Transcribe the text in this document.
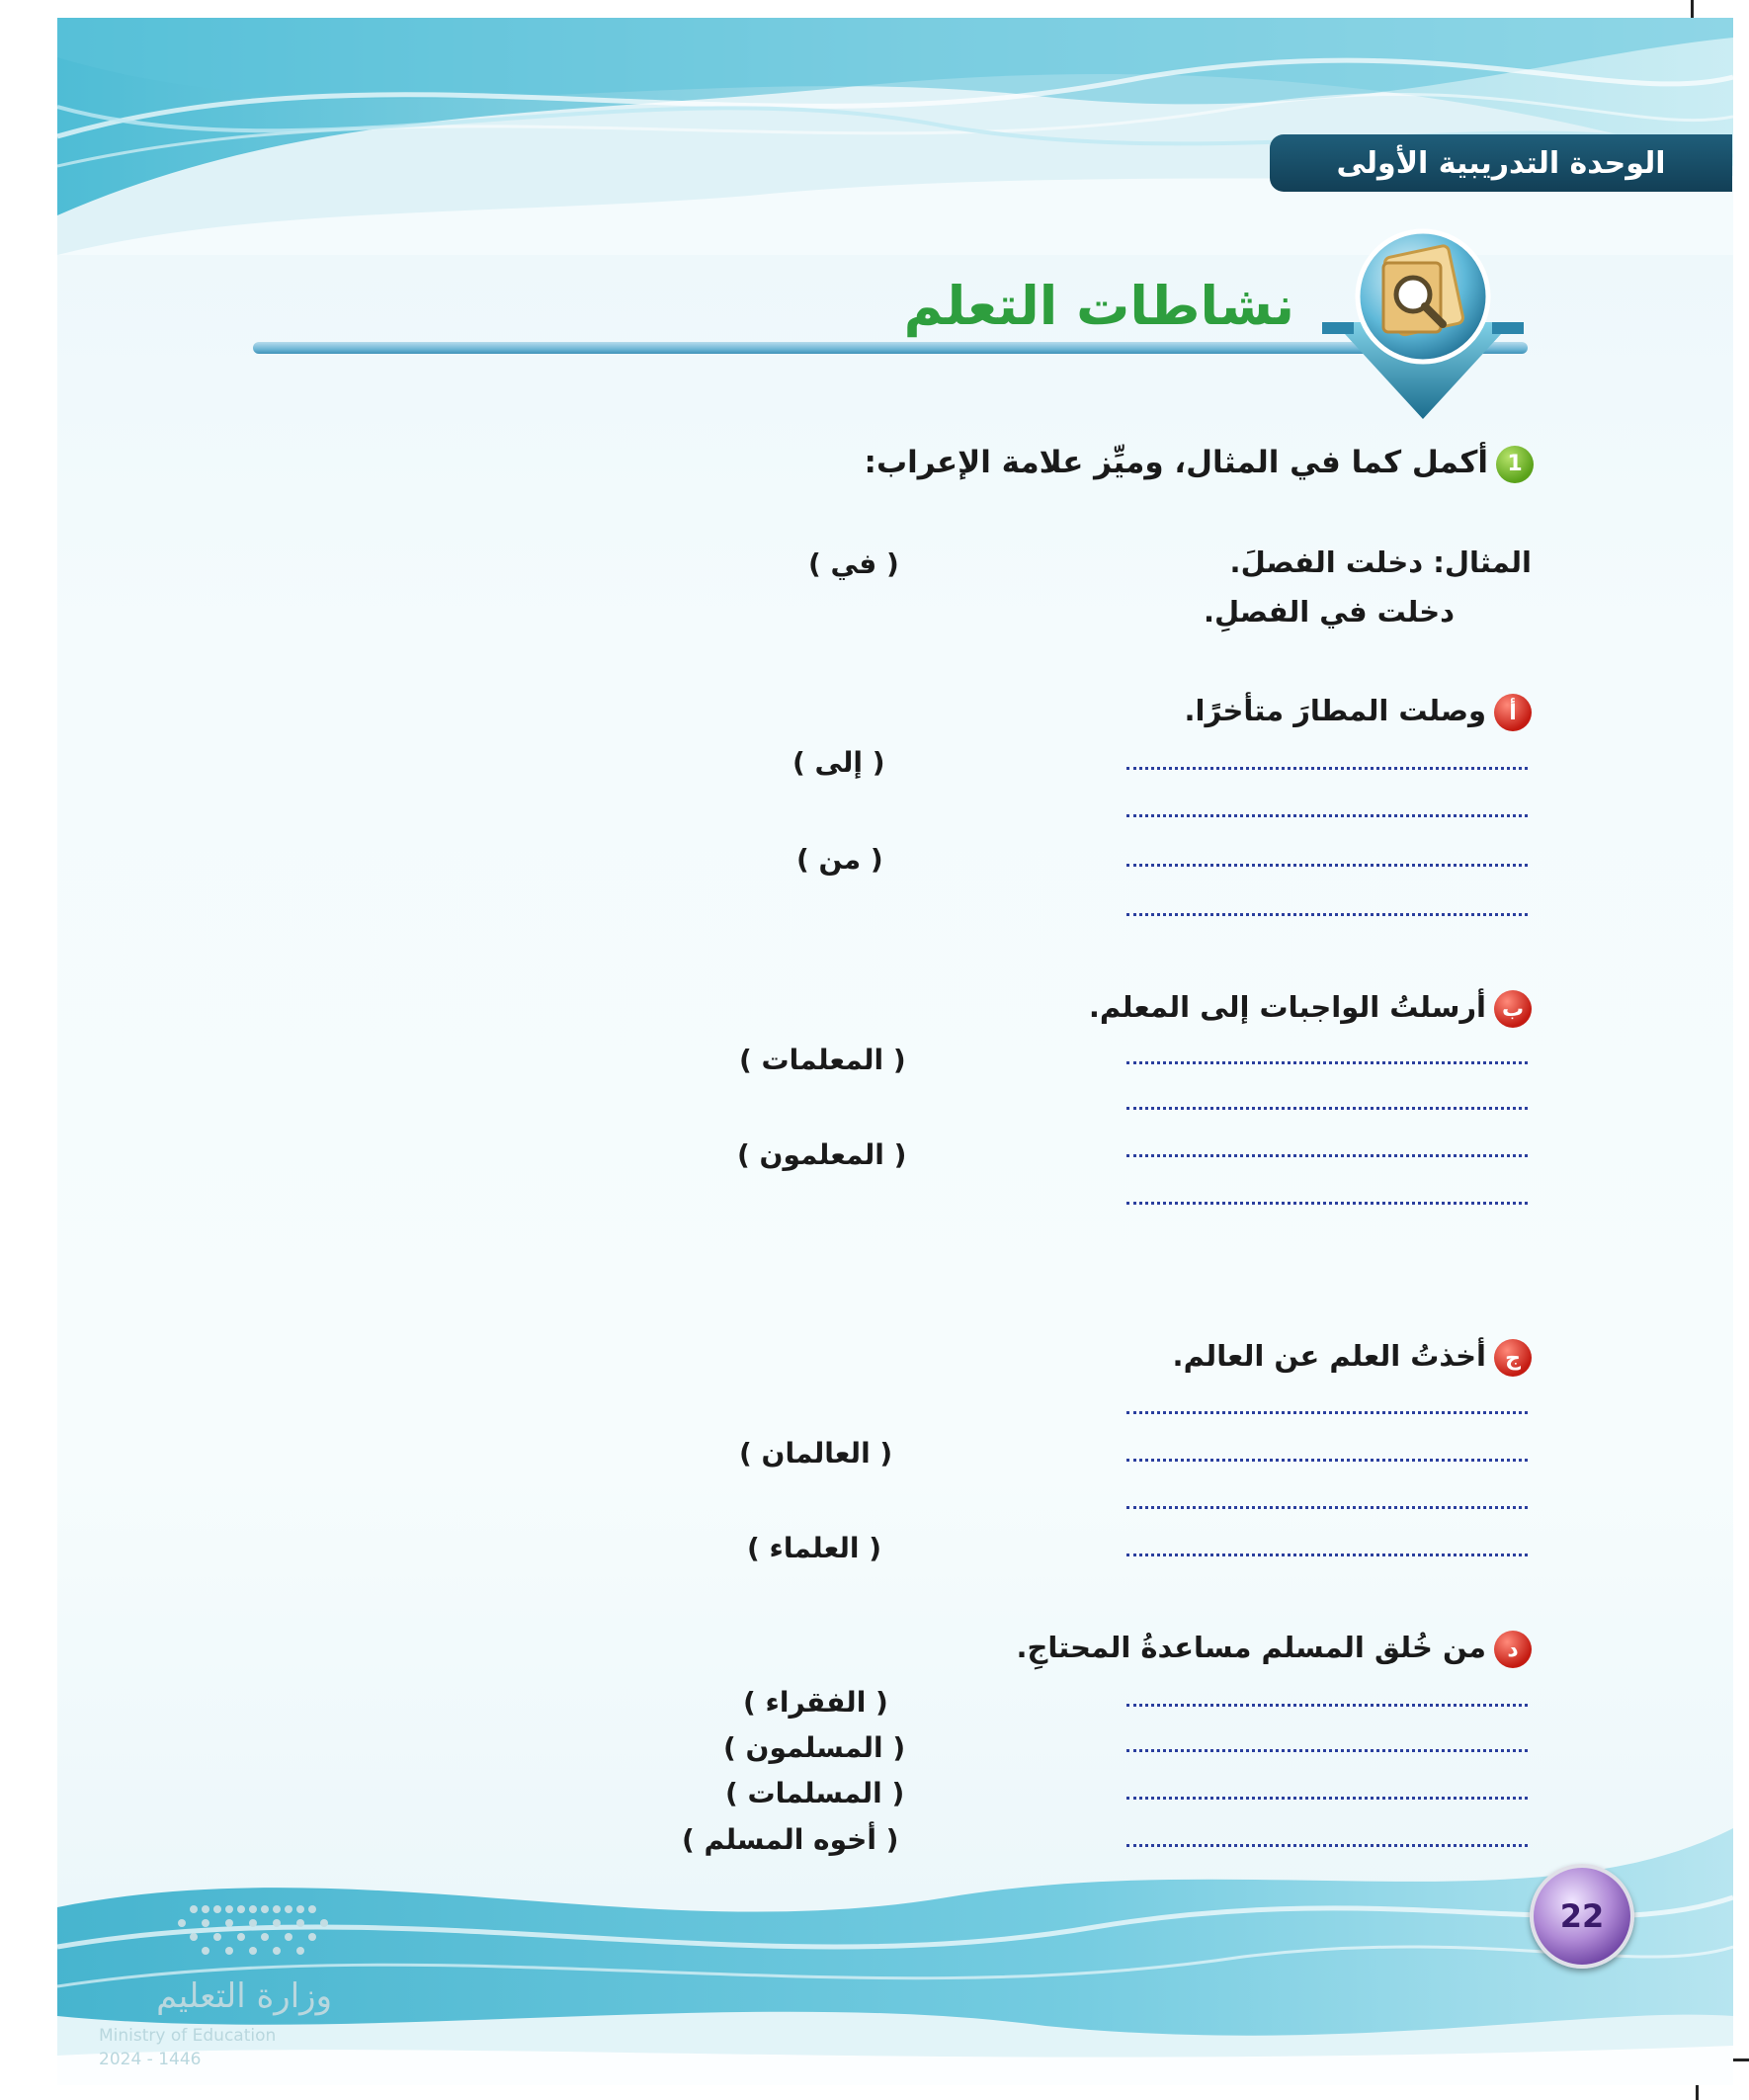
الوحدة التدريبية الأولى
نشاطات التعلم
1أكمل كما في المثال، وميِّز علامة الإعراب:
المثال: دخلت الفصلَ.
دخلت في الفصلِ.
( في )
أوصلت المطارَ متأخرًا.
( إلى )
( من )
بأرسلتُ الواجبات إلى المعلم.
( المعلمات )
( المعلمون )
جأخذتُ العلم عن العالم.
( العالمان )
( العلماء )
دمن خُلق المسلم مساعدةُ المحتاجِ.
( الفقراء )
( المسلمون )
( المسلمات )
( أخوه المسلم )
22
وزارة التعليم
Ministry of Education
2024 - 1446
